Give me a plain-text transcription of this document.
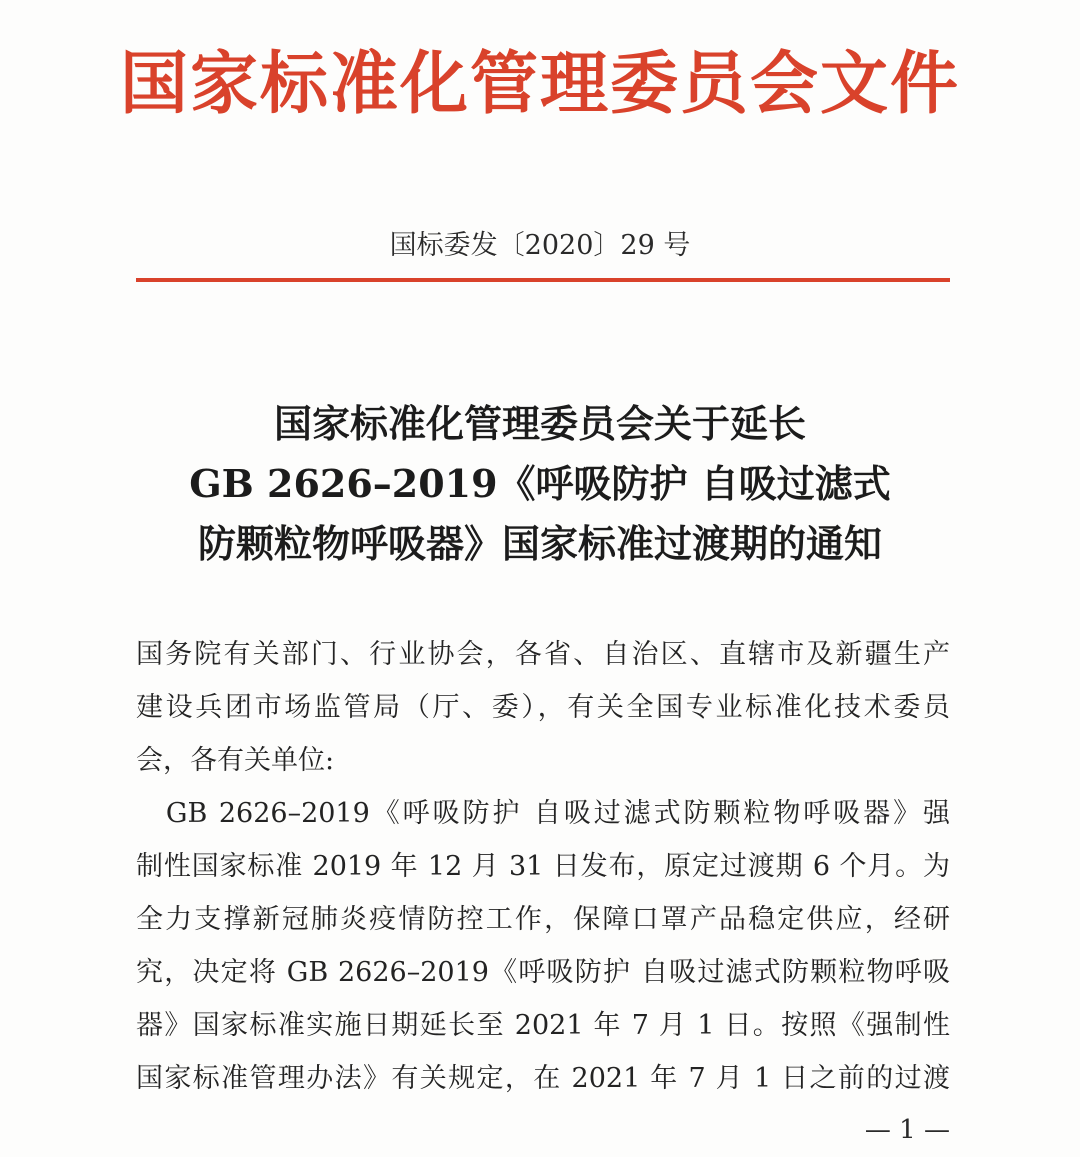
国家标准化管理委员会文件
国标委发〔2020〕29 号
国家标准化管理委员会关于延长
GB 2626–2019《呼吸防护 自吸过滤式
防颗粒物呼吸器》国家标准过渡期的通知
国务院有关部门、行业协会，各省、自治区、直辖市及新疆生产
建设兵团市场监管局（厅、委），有关全国专业标准化技术委员
会，各有关单位:
　GB 2626–2019《呼吸防护 自吸过滤式防颗粒物呼吸器》强
制性国家标准 2019 年 12 月 31 日发布，原定过渡期 6 个月。为
全力支撑新冠肺炎疫情防控工作，保障口罩产品稳定供应，经研
究，决定将 GB 2626–2019《呼吸防护 自吸过滤式防颗粒物呼吸
器》国家标准实施日期延长至 2021 年 7 月 1 日。按照《强制性
国家标准管理办法》有关规定，在 2021 年 7 月 1 日之前的过渡
— 1 —
